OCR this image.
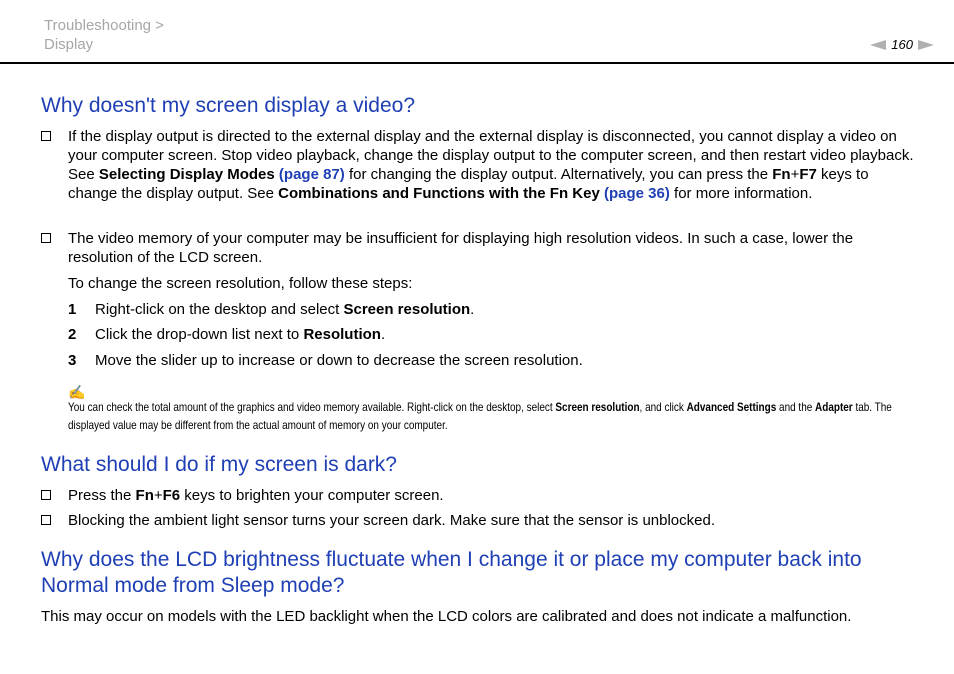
Troubleshooting >
Display	160
Why doesn't my screen display a video?
If the display output is directed to the external display and the external display is disconnected, you cannot display a video on your computer screen. Stop video playback, change the display output to the computer screen, and then restart video playback. See Selecting Display Modes (page 87) for changing the display output. Alternatively, you can press the Fn+F7 keys to change the display output. See Combinations and Functions with the Fn Key (page 36) for more information.
The video memory of your computer may be insufficient for displaying high resolution videos. In such a case, lower the resolution of the LCD screen.
To change the screen resolution, follow these steps:
1 Right-click on the desktop and select Screen resolution.
2 Click the drop-down list next to Resolution.
3 Move the slider up to increase or down to decrease the screen resolution.
✍
You can check the total amount of the graphics and video memory available. Right-click on the desktop, select Screen resolution, and click Advanced Settings and the Adapter tab. The displayed value may be different from the actual amount of memory on your computer.
What should I do if my screen is dark?
Press the Fn+F6 keys to brighten your computer screen.
Blocking the ambient light sensor turns your screen dark. Make sure that the sensor is unblocked.
Why does the LCD brightness fluctuate when I change it or place my computer back into Normal mode from Sleep mode?
This may occur on models with the LED backlight when the LCD colors are calibrated and does not indicate a malfunction.
